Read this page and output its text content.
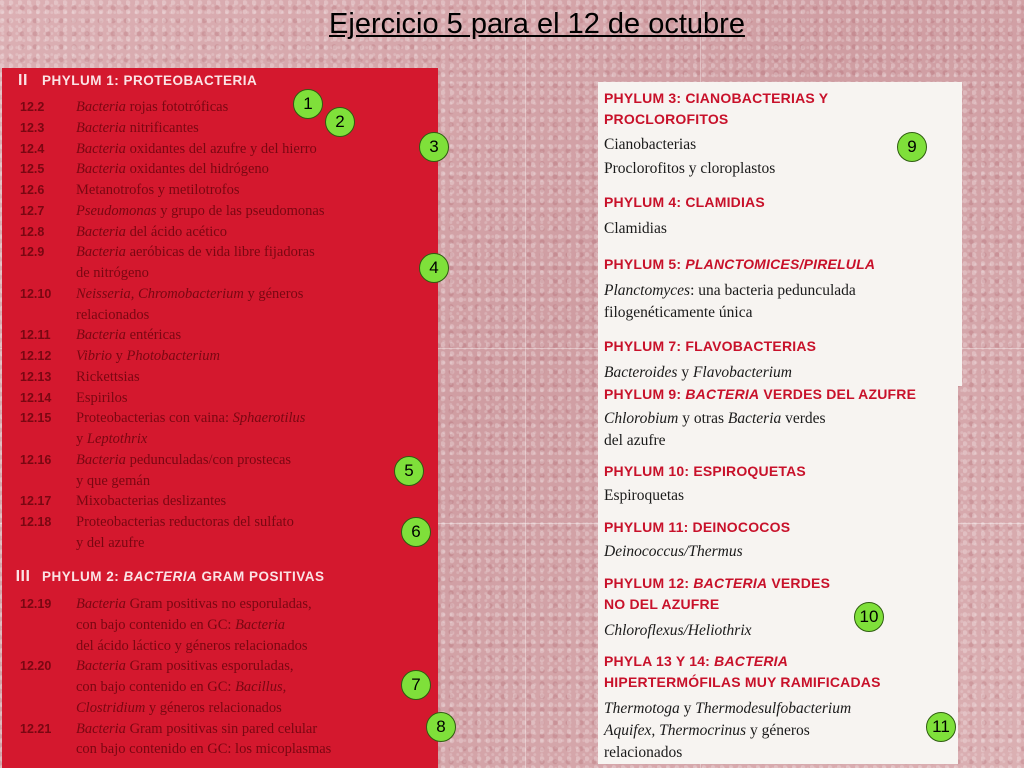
Ejercicio 5 para el 12 de octubre
II PHYLUM 1: PROTEOBACTERIA
12.2	Bacteria rojas fototróficas
12.3	Bacteria nitrificantes
12.4	Bacteria oxidantes del azufre y del hierro
12.5	Bacteria oxidantes del hidrógeno
12.6	Metanotrofos y metilotrofos
12.7	Pseudomonas y grupo de las pseudomonas
12.8	Bacteria del ácido acético
12.9	Bacteria aeróbicas de vida libre fijadoras
de nitrógeno
12.10	Neisseria, Chromobacterium y géneros
relacionados
12.11	Bacteria entéricas
12.12	Vibrio y Photobacterium
12.13	Rickettsias
12.14	Espirilos
12.15	Proteobacterias con vaina: Sphaerotilus
y Leptothrix
12.16	Bacteria pedunculadas/con prostecas
y que gemán
12.17	Mixobacterias deslizantes
12.18	Proteobacterias reductoras del sulfato
y del azufre
III PHYLUM 2: BACTERIA GRAM POSITIVAS
12.19	Bacteria Gram positivas no esporuladas,
con bajo contenido en GC: Bacteria
del ácido láctico y géneros relacionados
12.20	Bacteria Gram positivas esporuladas,
con bajo contenido en GC: Bacillus,
Clostridium y géneros relacionados
12.21	Bacteria Gram positivas sin pared celular
con bajo contenido en GC: los micoplasmas
PHYLUM 3: CIANOBACTERIAS Y
PROCLOROFITOS
Cianobacterias
Proclorofitos y cloroplastos
PHYLUM 4: CLAMIDIAS
Clamidias
PHYLUM 5: PLANCTOMICES/PIRELULA
Planctomyces: una bacteria pedunculada
filogenéticamente única
PHYLUM 7: FLAVOBACTERIAS
Bacteroides y Flavobacterium
PHYLUM 9: BACTERIA VERDES DEL AZUFRE
Chlorobium y otras Bacteria verdes
del azufre
PHYLUM 10: ESPIROQUETAS
Espiroquetas
PHYLUM 11: DEINOCOCOS
Deinococcus/Thermus
PHYLUM 12: BACTERIA VERDES
NO DEL AZUFRE
Chloroflexus/Heliothrix
PHYLA 13 Y 14: BACTERIA
HIPERTERMÓFILAS MUY RAMIFICADAS
Thermotoga y Thermodesulfobacterium
Aquifex, Thermocrinus y géneros
relacionados
1
2
3
4
5
6
7
8
9
10
11
